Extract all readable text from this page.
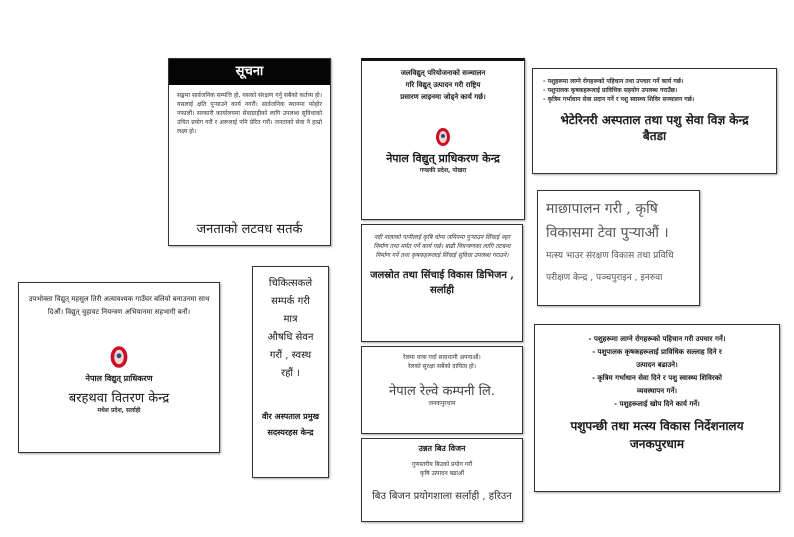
सूचना
सङ्घमा सार्वजनिक सम्पत्ति हो, यसको संरक्षण गर्नु सबैको कर्तव्य हो। यसलाई क्षति पुर्‍याउने कार्य नगरौं। सार्वजनिक स्थानमा फोहोर नफालौं। सरकारी कार्यालयमा सेवाग्राहीको लागि उपलब्ध सुविधाको उचित प्रयोग गरौं र अरूलाई पनि प्रेरित गरौं। जनताको सेवा नै हाम्रो लक्ष्य हो।
जनताको लटवध सतर्क
जलविद्युत् परियोजनाको सञ्चालन
गरि विद्युत् उत्पादन गरी राष्ट्रिय
प्रसारण लाइनमा जोड्ने कार्य गर्छ।
नेपाल विद्युत् प्राधिकरण केन्द्र
गण्डकी प्रदेश, पोखरा
- पशुहरूमा लाग्ने रोगहरूको पहिचान तथा उपचार गर्ने कार्य गर्छ।
- पशुपालक कृषकहरूलाई प्राविधिक सहयोग उपलब्ध गराउँछ।
- कृत्रिम गर्भाधान सेवा प्रदान गर्ने र पशु स्वास्थ्य शिविर सञ्चालन गर्छ।
भेटेरिनरी अस्पताल तथा पशु सेवा विज्ञ केन्द्र
बैतडा
नदी नालाको पानीलाई कृषि योग्य जमिनमा पुर्‍याउन सिँचाई नहर निर्माण तथा मर्मत गर्ने कार्य गर्छ। बाढी नियन्त्रणका लागि तटबन्ध निर्माण गर्ने तथा कृषकहरूलाई सिँचाई सुविधा उपलब्ध गराउने।
जलस्रोत तथा सिंचाई विकास डिभिजन , सर्लाही
माछापालन गरी , कृषि
विकासमा टेवा पुर्‍याऔं ।
मत्स्य भाउर संरक्षण विकास तथा प्रविधि
परीक्षण केन्द्र , पञ्चपुराइन , इनरुवा
उपभोक्ता विद्युत् महसुल तिरी अत्यावश्यक गाउँघर बलियो बनाउनमा साथ दिऔं। विद्युत् चुहावट नियन्त्रण अभियानमा सहभागी बनौं।
नेपाल विद्युत् प्राधिकरण
बरहथवा वितरण केन्द्र
मधेश प्रदेश, सर्लाही
चिकित्सकले
सम्पर्क गरी
मात्र
औषधि सेवन
गरौं , स्वस्थ
रहौं ।
वीर अस्पताल प्रमुख
सदस्यरहस केन्द्र
रेलमा यात्रा गर्दा सावधानी अपनाऔं।
रेलको सुरक्षा सबैको दायित्व हो।
नेपाल रेल्वे कम्पनी लि.
जनकपुरधाम
उन्नत बिउ विजन
गुणस्तरीय बिउको प्रयोग गरौं
कृषि उत्पादन बढाऔं
बिउ बिजन प्रयोगशाला सर्लाही , हरिउन
- पशुहरूमा लाग्ने रोगहरूको पहिचान गरी उपचार गर्ने।
- पशुपालक कृषकहरूलाई प्राविधिक सल्लाह दिने र
उत्पादन बढाउने।
- कृत्रिम गर्भाधान सेवा दिने र पशु स्वास्थ्य शिविरको
व्यवस्थापन गर्ने।
- पशुहरूलाई खोप दिने कार्य गर्ने।
पशुपन्छी तथा मत्स्य विकास निर्देशनालय
जनकपुरधाम
